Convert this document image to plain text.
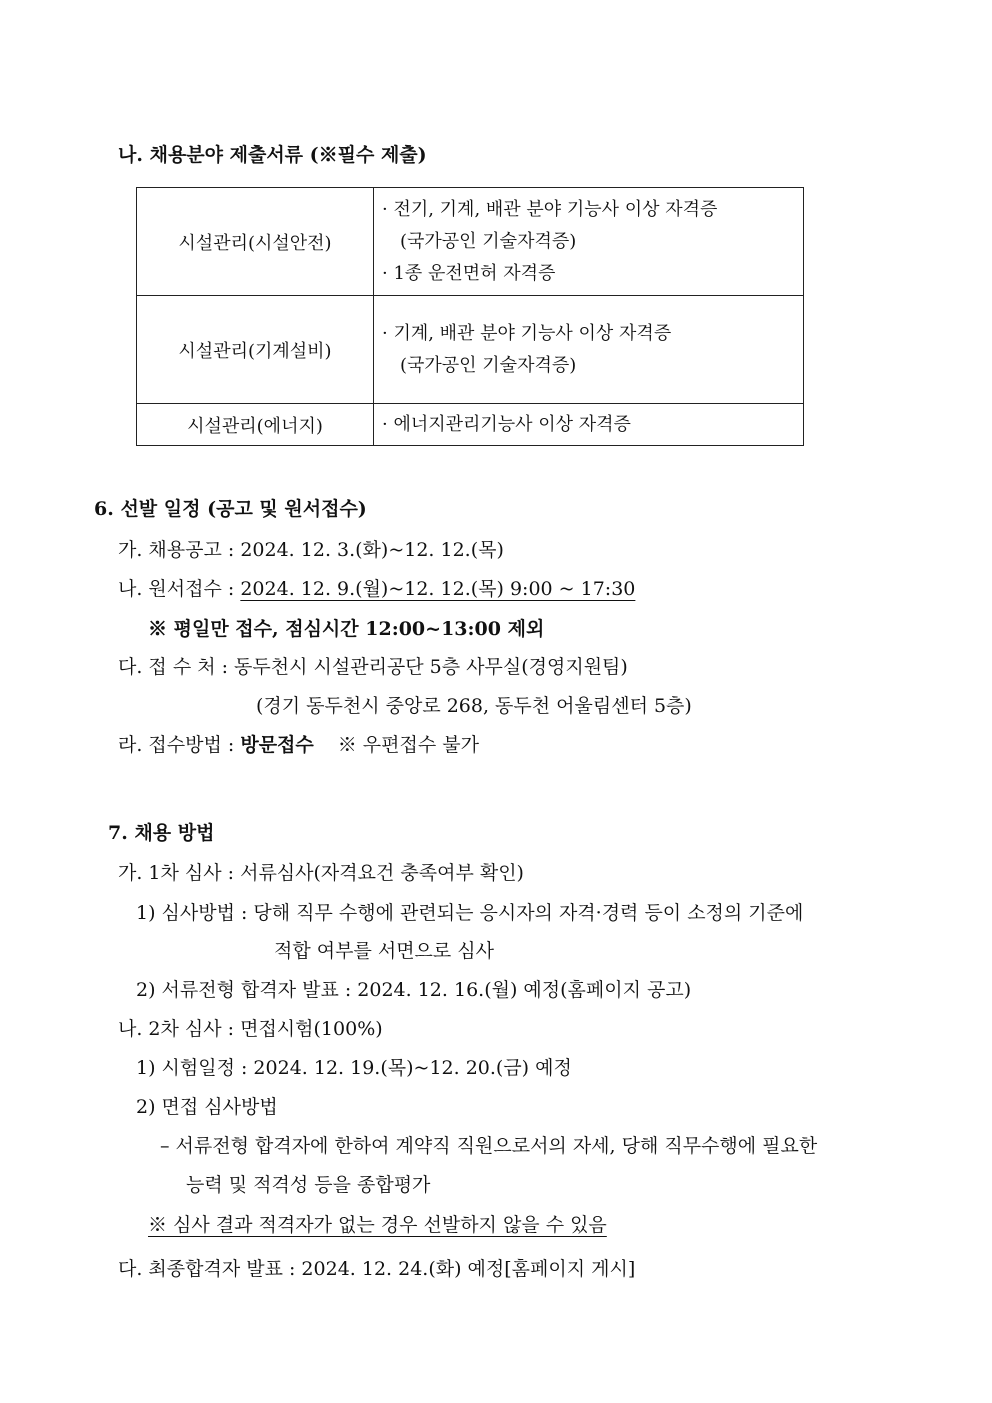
나. 채용분야 제출서류 (※필수 제출)
시설관리(시설안전)	· 전기, 기계, 배관 분야 기능사 이상 자격증
(국가공인 기술자격증)
· 1종 운전면허 자격증

시설관리(기계설비)	· 기계, 배관 분야 기능사 이상 자격증
(국가공인 기술자격증)

시설관리(에너지)	· 에너지관리기능사 이상 자격증
6. 선발 일정 (공고 및 원서접수)
가. 채용공고 : 2024. 12. 3.(화)~12. 12.(목)
나. 원서접수 : 2024. 12. 9.(월)~12. 12.(목) 9:00 ~ 17:30
※ 평일만 접수, 점심시간 12:00~13:00 제외
다. 접 수 처 : 동두천시 시설관리공단 5층 사무실(경영지원팀)
(경기 동두천시 중앙로 268, 동두천 어울림센터 5층)
라. 접수방법 : 방문접수 ※ 우편접수 불가
7. 채용 방법
가. 1차 심사 : 서류심사(자격요건 충족여부 확인)
1) 심사방법 : 당해 직무 수행에 관련되는 응시자의 자격·경력 등이 소정의 기준에
적합 여부를 서면으로 심사
2) 서류전형 합격자 발표 : 2024. 12. 16.(월) 예정(홈페이지 공고)
나. 2차 심사 : 면접시험(100%)
1) 시험일정 : 2024. 12. 19.(목)~12. 20.(금) 예정
2) 면접 심사방법
– 서류전형 합격자에 한하여 계약직 직원으로서의 자세, 당해 직무수행에 필요한
능력 및 적격성 등을 종합평가
※ 심사 결과 적격자가 없는 경우 선발하지 않을 수 있음
다. 최종합격자 발표 : 2024. 12. 24.(화) 예정[홈페이지 게시]
